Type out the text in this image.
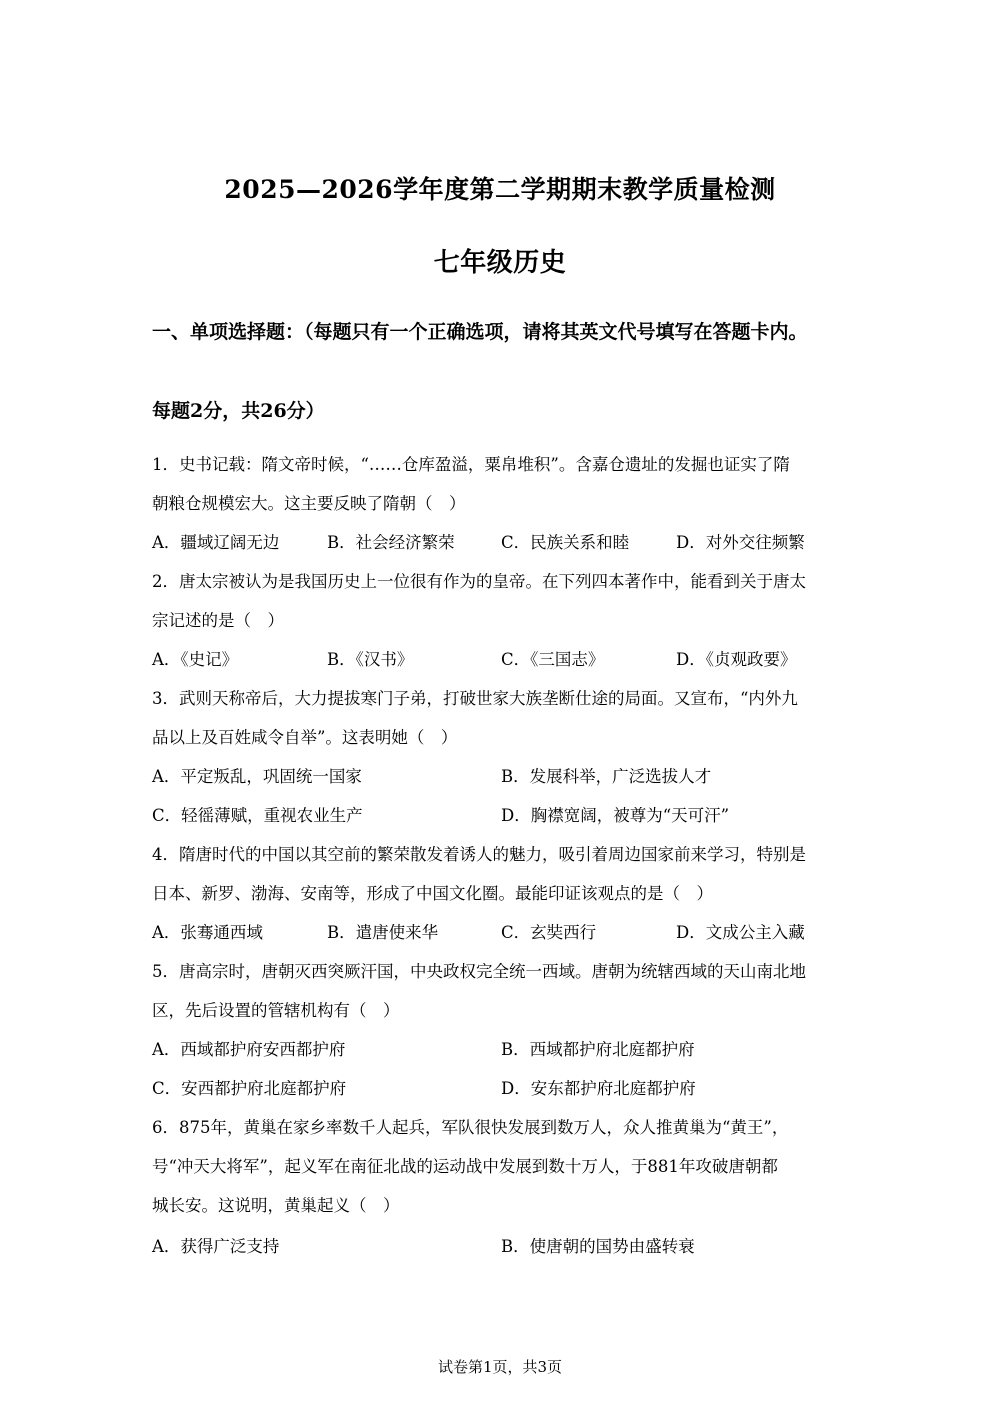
2025—2026学年度第二学期期末教学质量检测
七年级历史
一、单项选择题：（每题只有一个正确选项，请将其英文代号填写在答题卡内。
每题2分，共26分）
1．史书记载：隋文帝时候，“……仓库盈溢，粟帛堆积”。含嘉仓遗址的发掘也证实了隋
朝粮仓规模宏大。这主要反映了隋朝（　）
A．疆域辽阔无边	B．社会经济繁荣	C．民族关系和睦	D．对外交往频繁
2．唐太宗被认为是我国历史上一位很有作为的皇帝。在下列四本著作中，能看到关于唐太
宗记述的是（　）
A．《史记》	B．《汉书》	C．《三国志》	D．《贞观政要》
3．武则天称帝后，大力提拔寒门子弟，打破世家大族垄断仕途的局面。又宣布，“内外九
品以上及百姓咸令自举”。这表明她（　）
A．平定叛乱，巩固统一国家	B．发展科举，广泛选拔人才
C．轻徭薄赋，重视农业生产	D．胸襟宽阔，被尊为“天可汗”
4．隋唐时代的中国以其空前的繁荣散发着诱人的魅力，吸引着周边国家前来学习，特别是
日本、新罗、渤海、安南等，形成了中国文化圈。最能印证该观点的是（　）
A．张骞通西域	B．遣唐使来华	C．玄奘西行	D．文成公主入藏
5．唐高宗时，唐朝灭西突厥汗国，中央政权完全统一西域。唐朝为统辖西域的天山南北地
区，先后设置的管辖机构有（　）
A．西域都护府安西都护府	B．西域都护府北庭都护府
C．安西都护府北庭都护府	D．安东都护府北庭都护府
6．875年，黄巢在家乡率数千人起兵，军队很快发展到数万人，众人推黄巢为“黄王”，
号“冲天大将军”，起义军在南征北战的运动战中发展到数十万人，于881年攻破唐朝都
城长安。这说明，黄巢起义（　）
A．获得广泛支持	B．使唐朝的国势由盛转衰
试卷第1页，共3页
